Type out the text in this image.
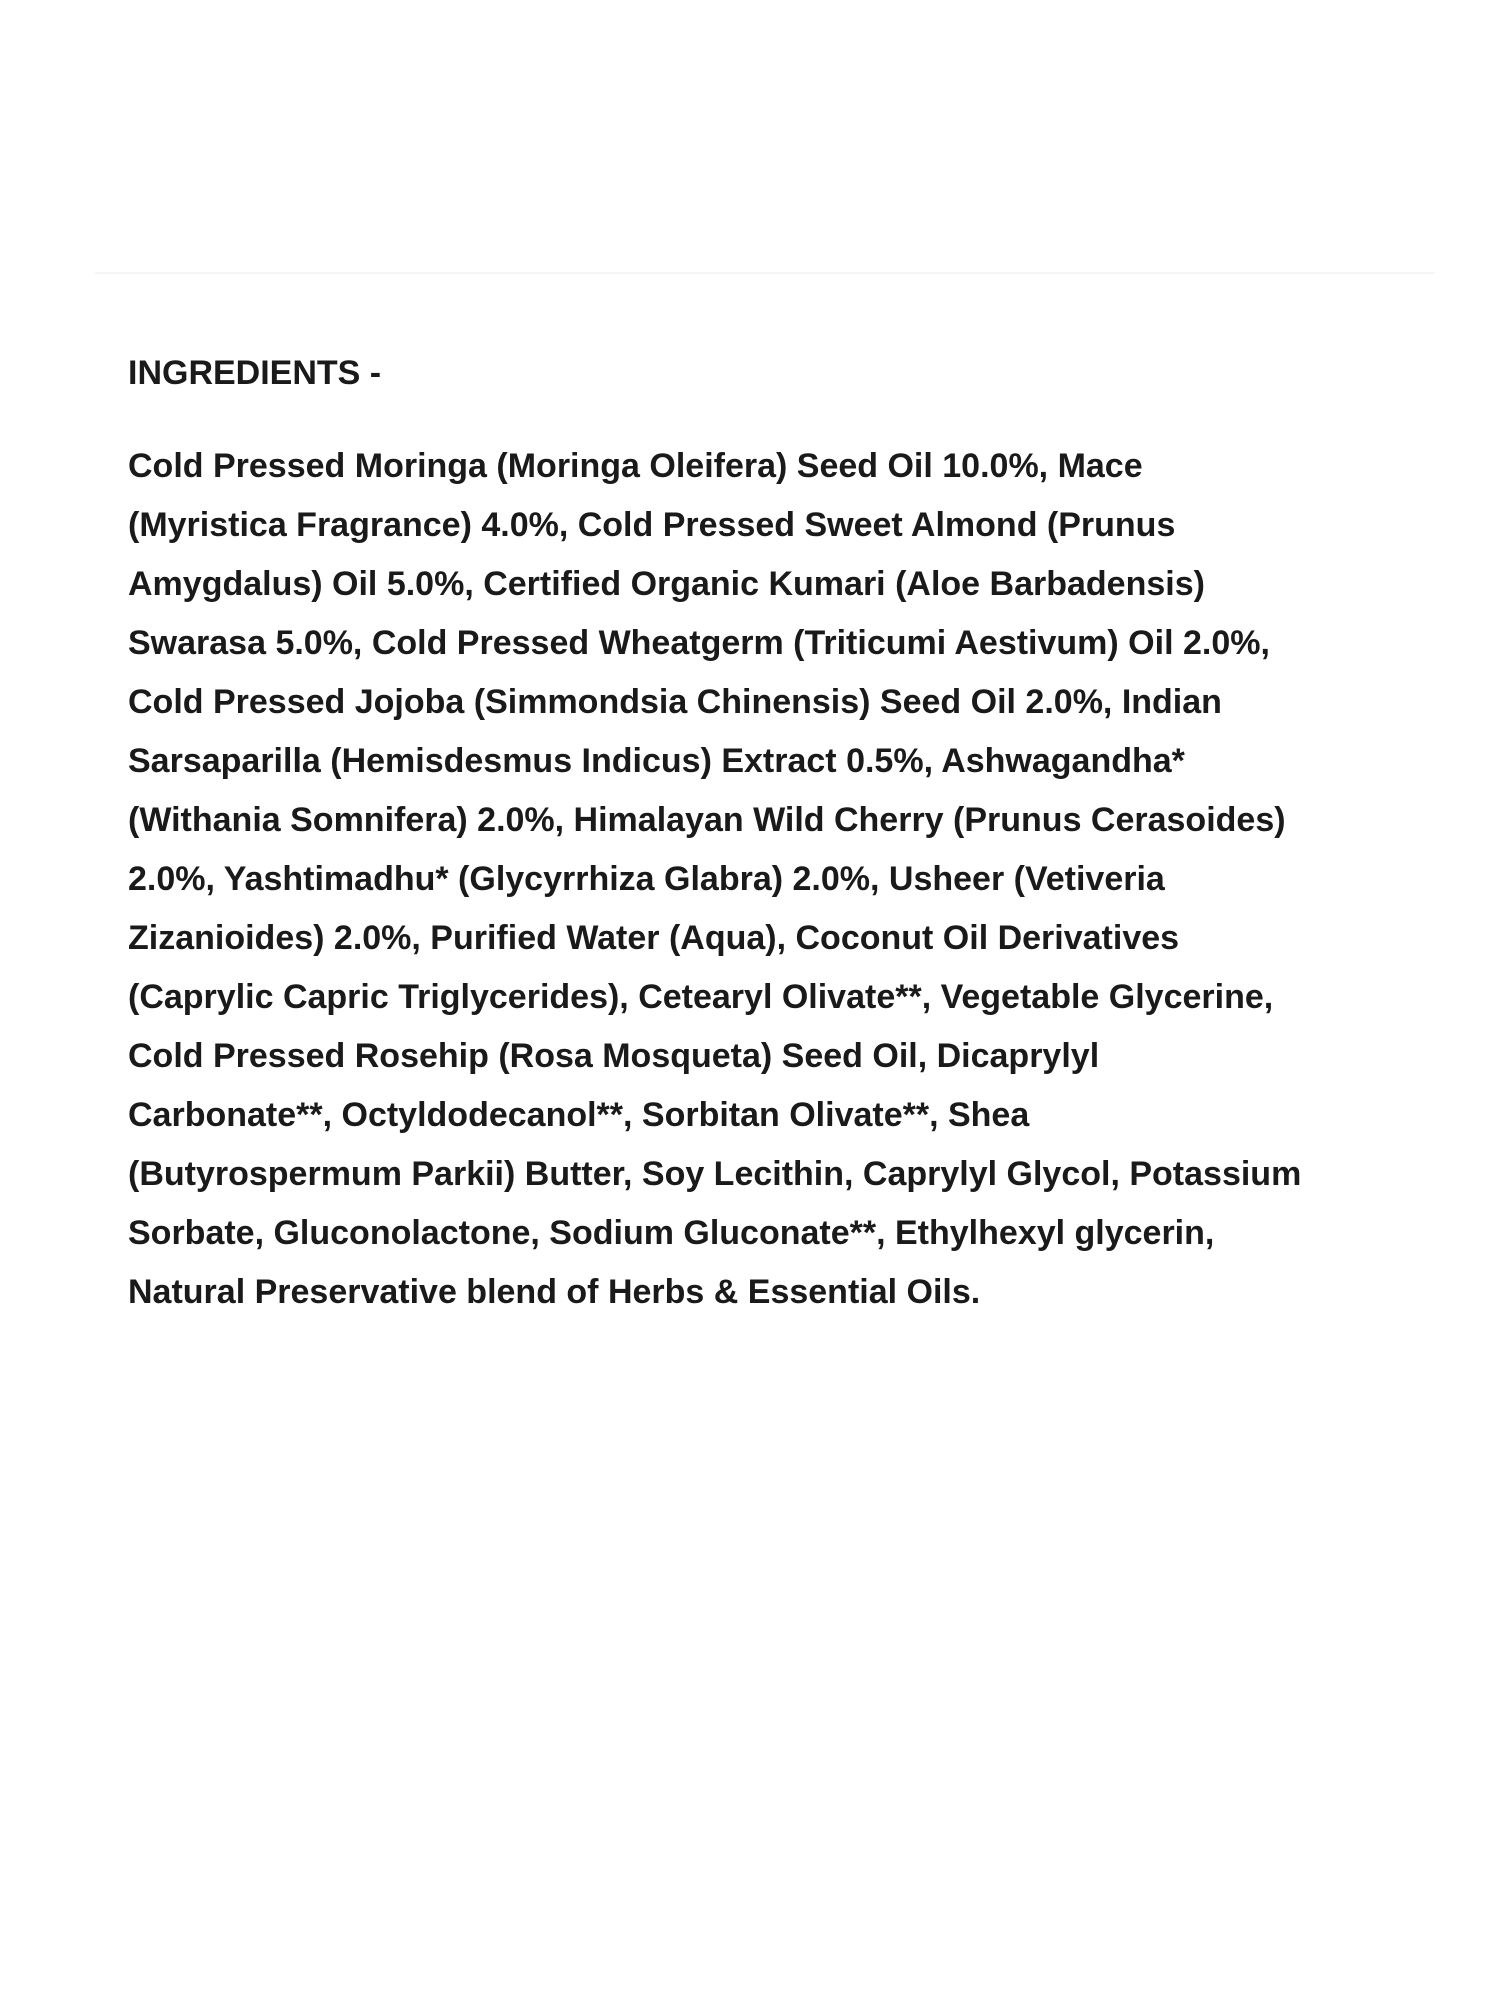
INGREDIENTS -
Cold Pressed Moringa (Moringa Oleifera) Seed Oil 10.0%, Mace
(Myristica Fragrance) 4.0%, Cold Pressed Sweet Almond (Prunus
Amygdalus) Oil 5.0%, Certified Organic Kumari (Aloe Barbadensis)
Swarasa 5.0%, Cold Pressed Wheatgerm (Triticumi Aestivum) Oil 2.0%,
Cold Pressed Jojoba (Simmondsia Chinensis) Seed Oil 2.0%, Indian
Sarsaparilla (Hemisdesmus Indicus) Extract 0.5%, Ashwagandha*
(Withania Somnifera) 2.0%, Himalayan Wild Cherry (Prunus Cerasoides)
2.0%, Yashtimadhu* (Glycyrrhiza Glabra) 2.0%, Usheer (Vetiveria
Zizanioides) 2.0%, Purified Water (Aqua), Coconut Oil Derivatives
(Caprylic Capric Triglycerides), Cetearyl Olivate**, Vegetable Glycerine,
Cold Pressed Rosehip (Rosa Mosqueta) Seed Oil, Dicaprylyl
Carbonate**, Octyldodecanol**, Sorbitan Olivate**, Shea
(Butyrospermum Parkii) Butter, Soy Lecithin, Caprylyl Glycol, Potassium
Sorbate, Gluconolactone, Sodium Gluconate**, Ethylhexyl glycerin,
Natural Preservative blend of Herbs & Essential Oils.
